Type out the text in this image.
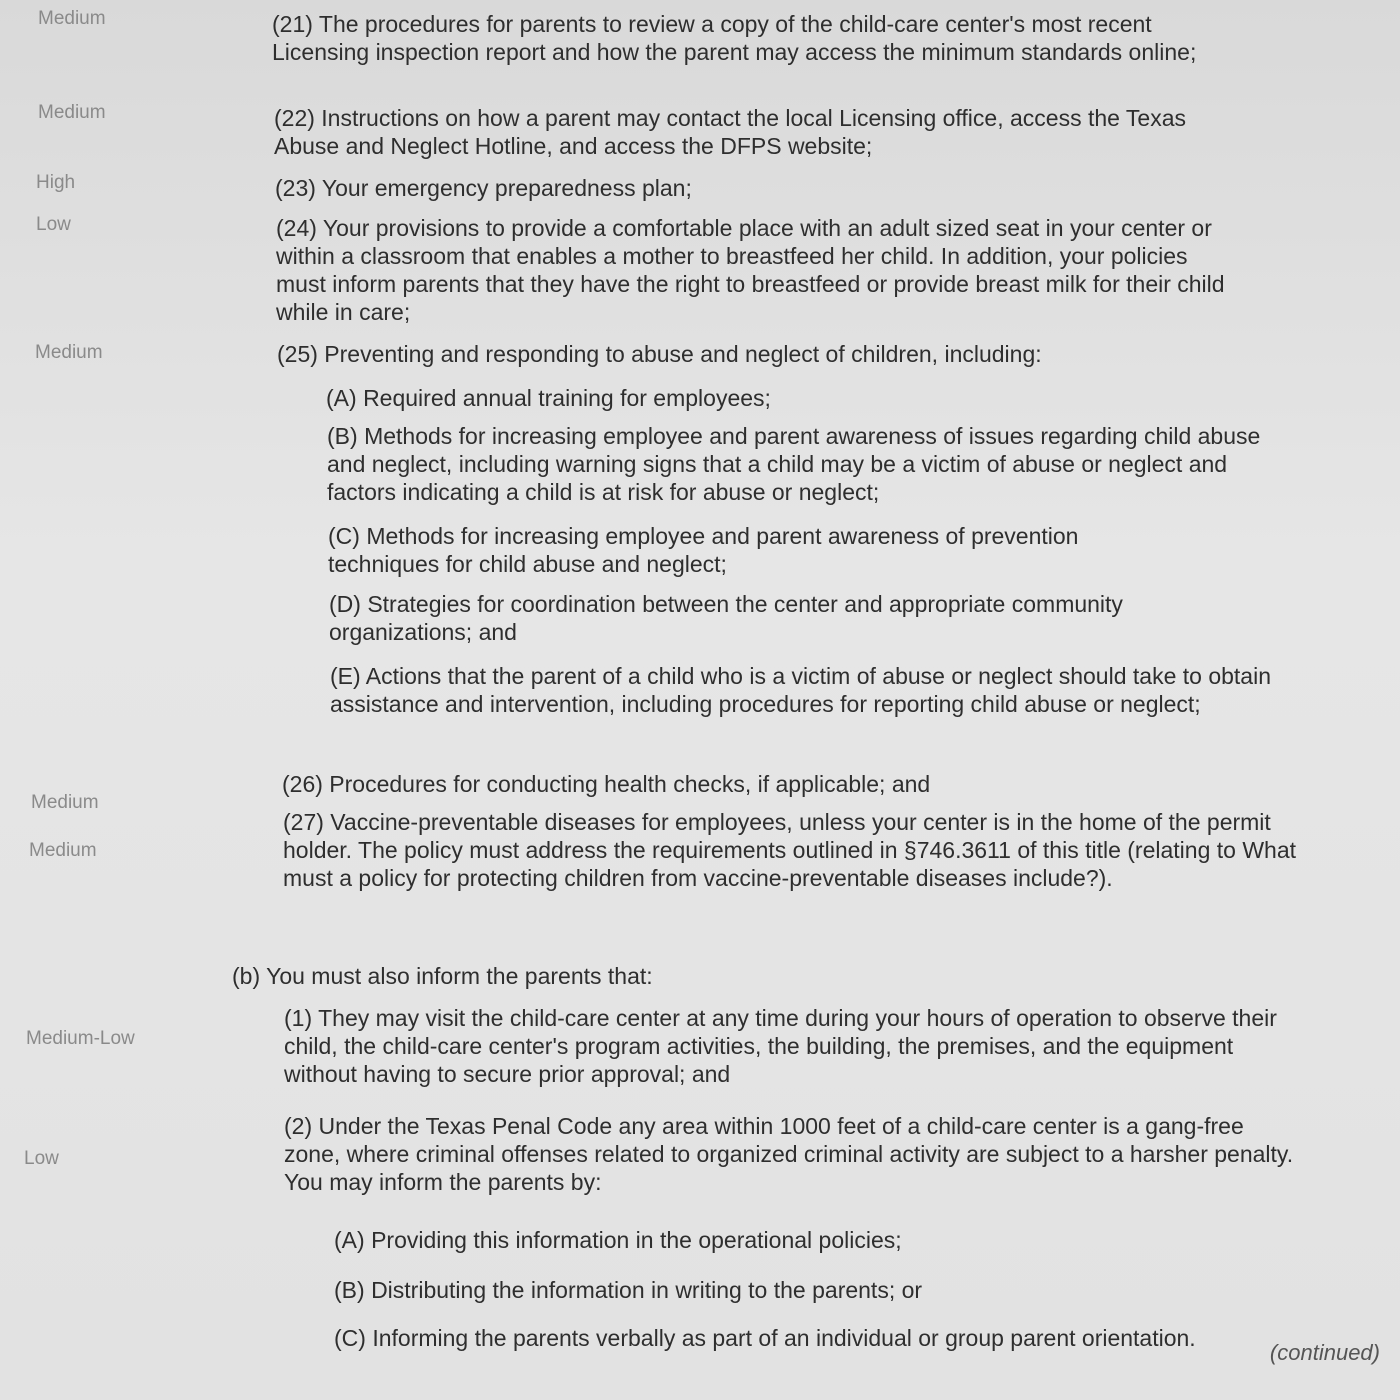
Medium
Medium
High
Low
Medium
Medium
Medium
Medium-Low
Low
(21) The procedures for parents to review a copy of the child-care center's most recent Licensing inspection report and how the parent may access the minimum standards online;
(22) Instructions on how a parent may contact the local Licensing office, access the Texas Abuse and Neglect Hotline, and access the DFPS website;
(23) Your emergency preparedness plan;
(24) Your provisions to provide a comfortable place with an adult sized seat in your center or within a classroom that enables a mother to breastfeed her child. In addition, your policies must inform parents that they have the right to breastfeed or provide breast milk for their child while in care;
(25) Preventing and responding to abuse and neglect of children, including:
(A) Required annual training for employees;
(B) Methods for increasing employee and parent awareness of issues regarding child abuse and neglect, including warning signs that a child may be a victim of abuse or neglect and factors indicating a child is at risk for abuse or neglect;
(C) Methods for increasing employee and parent awareness of prevention techniques for child abuse and neglect;
(D) Strategies for coordination between the center and appropriate community organizations; and
(E) Actions that the parent of a child who is a victim of abuse or neglect should take to obtain assistance and intervention, including procedures for reporting child abuse or neglect;
(26) Procedures for conducting health checks, if applicable; and
(27) Vaccine-preventable diseases for employees, unless your center is in the home of the permit holder. The policy must address the requirements outlined in §746.3611 of this title (relating to What must a policy for protecting children from vaccine-preventable diseases include?).
(b) You must also inform the parents that:
(1) They may visit the child-care center at any time during your hours of operation to observe their child, the child-care center's program activities, the building, the premises, and the equipment without having to secure prior approval; and
(2) Under the Texas Penal Code any area within 1000 feet of a child-care center is a gang-free zone, where criminal offenses related to organized criminal activity are subject to a harsher penalty. You may inform the parents by:
(A) Providing this information in the operational policies;
(B) Distributing the information in writing to the parents; or
(C) Informing the parents verbally as part of an individual or group parent orientation.
(continued)
